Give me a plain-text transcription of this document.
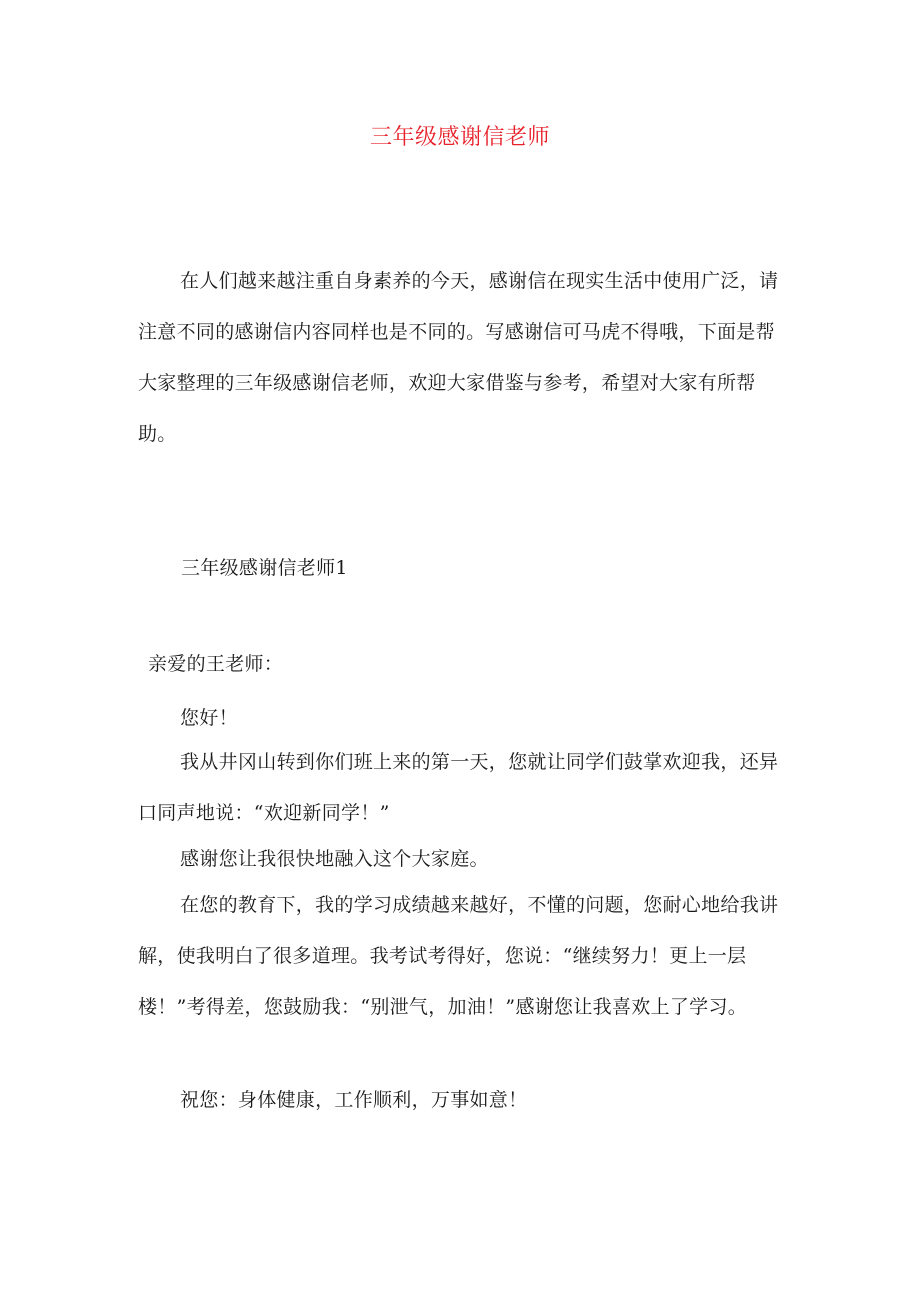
三年级感谢信老师
在人们越来越注重自身素养的今天，感谢信在现实生活中使用广泛，请注意不同的感谢信内容同样也是不同的。写感谢信可马虎不得哦，下面是帮大家整理的三年级感谢信老师，欢迎大家借鉴与参考，希望对大家有所帮助。
三年级感谢信老师1
亲爱的王老师：

您好！

我从井冈山转到你们班上来的第一天，您就让同学们鼓掌欢迎我，还异口同声地说：“欢迎新同学！”

感谢您让我很快地融入这个大家庭。

在您的教育下，我的学习成绩越来越好，不懂的问题，您耐心地给我讲解，使我明白了很多道理。我考试考得好，您说：“继续努力！更上一层楼！”考得差，您鼓励我：“别泄气，加油！”感谢您让我喜欢上了学习。

祝您：身体健康，工作顺利，万事如意！
